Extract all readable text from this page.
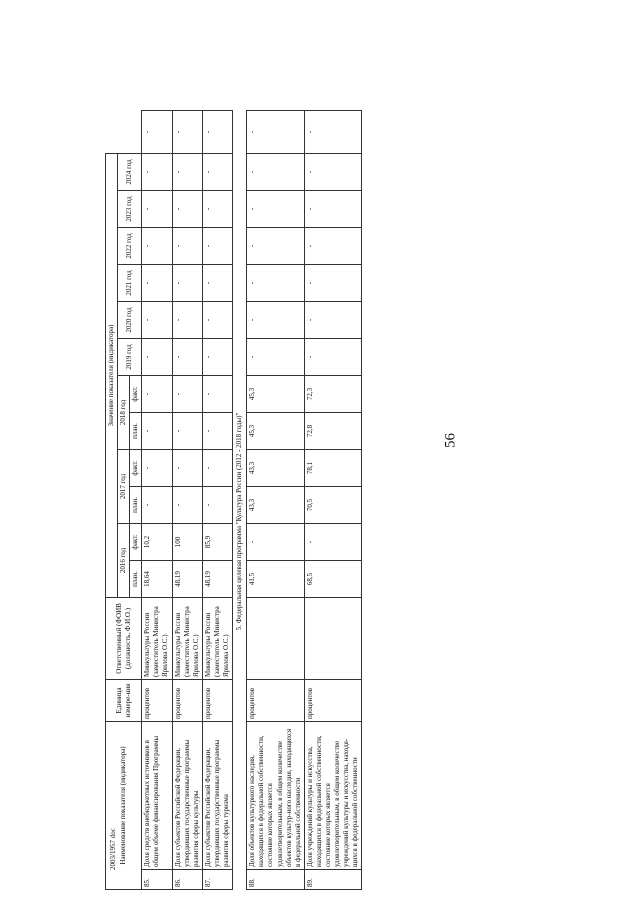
56
2003/1957 doc Наименование показателя (индикатора)		Единица измере-ния	Ответственный (ФОИВ (должность, Ф.И.О.)	Значение показателя (индикатора)												
				2016 год		2017 год		2018 год		2019 год	2020 год	2021 год	2022 год	2023 год	2024 год	
				план.	факт.	план.	факт.	план.	факт.							
85.	Доля средств внебюджетных источников в общем объеме финансирования Программы	процентов	Минкультуры России (заместитель Министра Ярилова О.С.)	18,64	10,2	-	-	-	-	-	-	-	-	-	-	-
86.	Доля субъектов Российской Федерации, утвердивших государственные программы развития сферы культуры	процентов	Минкультуры России (заместитель Министра Ярилова О.С.)	48,19	100	-	-	-	-	-	-	-	-	-	-	-
87.	Доля субъектов Российской Федерации, утвердивших государственные программы развития сферы туризма	процентов	Минкультуры России (заместитель Министра Ярилова О.С.)	48,19	85,9	-	-	-	-	-	-	-	-	-	-	-
5. Федеральная целевая программа "Культура России (2012 - 2018 годы)"																
88.	Доля объектов культурного наследия, находящихся в федеральной собственности, состояние которых является удовлетворительным, в общем количестве объектов культур-ного наследия, находящихся в федеральной собственности	процентов		41,5	-	43,3	43,3	45,3	45,3	-	-	-	-	-	-	-
89.	Доля учреждений культуры и искусства, находящихся в федеральной собственности, состояние которых является удовлетворительным, в общем количестве учреждений культуры и искусства, находя-щихся в федеральной собственности	процентов		68,5	-	70,5	78,1	72,8	72,3	-	-	-	-	-	-	-
